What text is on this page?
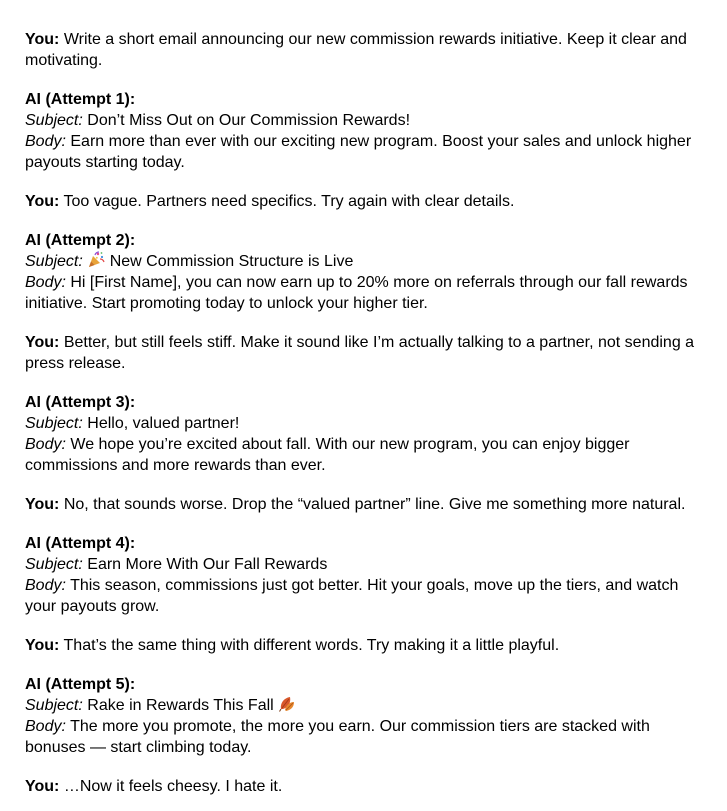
You: Write a short email announcing our new commission rewards initiative. Keep it clear and motivating.

AI (Attempt 1):

Subject: Don’t Miss Out on Our Commission Rewards!

Body: Earn more than ever with our exciting new program. Boost your sales and unlock higher payouts starting today.

You: Too vague. Partners need specifics. Try again with clear details.

AI (Attempt 2):

Subject: New Commission Structure is Live

Body: Hi [First Name], you can now earn up to 20% more on referrals through our fall rewards initiative. Start promoting today to unlock your higher tier.

You: Better, but still feels stiff. Make it sound like I’m actually talking to a partner, not sending a press release.

AI (Attempt 3):

Subject: Hello, valued partner!

Body: We hope you’re excited about fall. With our new program, you can enjoy bigger commissions and more rewards than ever.

You: No, that sounds worse. Drop the “valued partner” line. Give me something more natural.

AI (Attempt 4):

Subject: Earn More With Our Fall Rewards

Body: This season, commissions just got better. Hit your goals, move up the tiers, and watch your payouts grow.

You: That’s the same thing with different words. Try making it a little playful.

AI (Attempt 5):

Subject: Rake in Rewards This Fall

Body: The more you promote, the more you earn. Our commission tiers are stacked with bonuses — start climbing today.

You: …Now it feels cheesy. I hate it.
